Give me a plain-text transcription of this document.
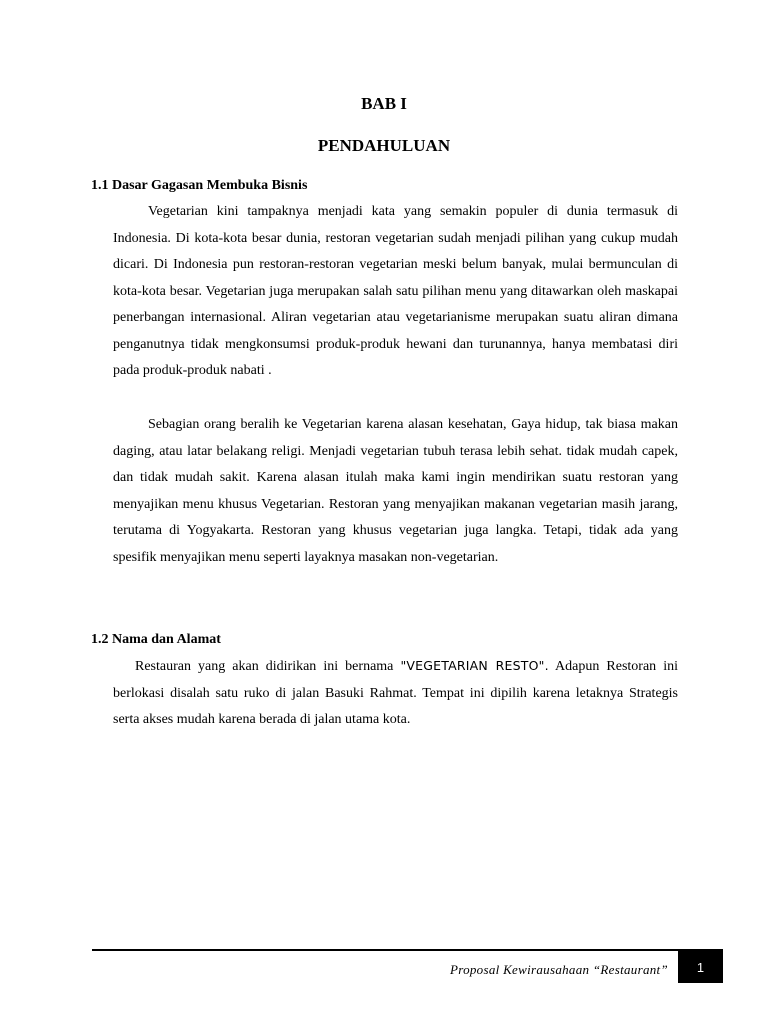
BAB I
PENDAHULUAN
1.1 Dasar Gagasan Membuka Bisnis
Vegetarian kini tampaknya menjadi kata yang semakin populer di dunia termasuk di Indonesia. Di kota-kota besar dunia, restoran vegetarian sudah menjadi pilihan yang cukup mudah dicari. Di Indonesia pun restoran-restoran vegetarian meski belum banyak, mulai bermunculan di kota-kota besar. Vegetarian juga merupakan salah satu pilihan menu yang ditawarkan oleh maskapai penerbangan internasional. Aliran vegetarian atau vegetarianisme merupakan suatu aliran dimana penganutnya tidak mengkonsumsi produk-produk hewani dan turunannya, hanya membatasi diri pada produk-produk nabati .
Sebagian orang beralih ke Vegetarian karena alasan kesehatan, Gaya hidup, tak biasa makan daging, atau latar belakang religi. Menjadi vegetarian tubuh terasa lebih sehat. tidak mudah capek, dan tidak mudah sakit. Karena alasan itulah maka kami ingin mendirikan suatu restoran yang menyajikan menu khusus Vegetarian. Restoran yang menyajikan makanan vegetarian masih jarang, terutama di Yogyakarta. Restoran yang khusus vegetarian juga langka. Tetapi, tidak ada yang spesifik menyajikan menu seperti layaknya masakan non-vegetarian.
1.2 Nama dan Alamat
Restauran yang akan didirikan ini bernama "VEGETARIAN RESTO". Adapun Restoran ini berlokasi disalah satu ruko di jalan Basuki Rahmat. Tempat ini dipilih karena letaknya Strategis serta akses mudah karena berada di jalan utama kota.
Proposal Kewirausahaan “Restaurant” 1
